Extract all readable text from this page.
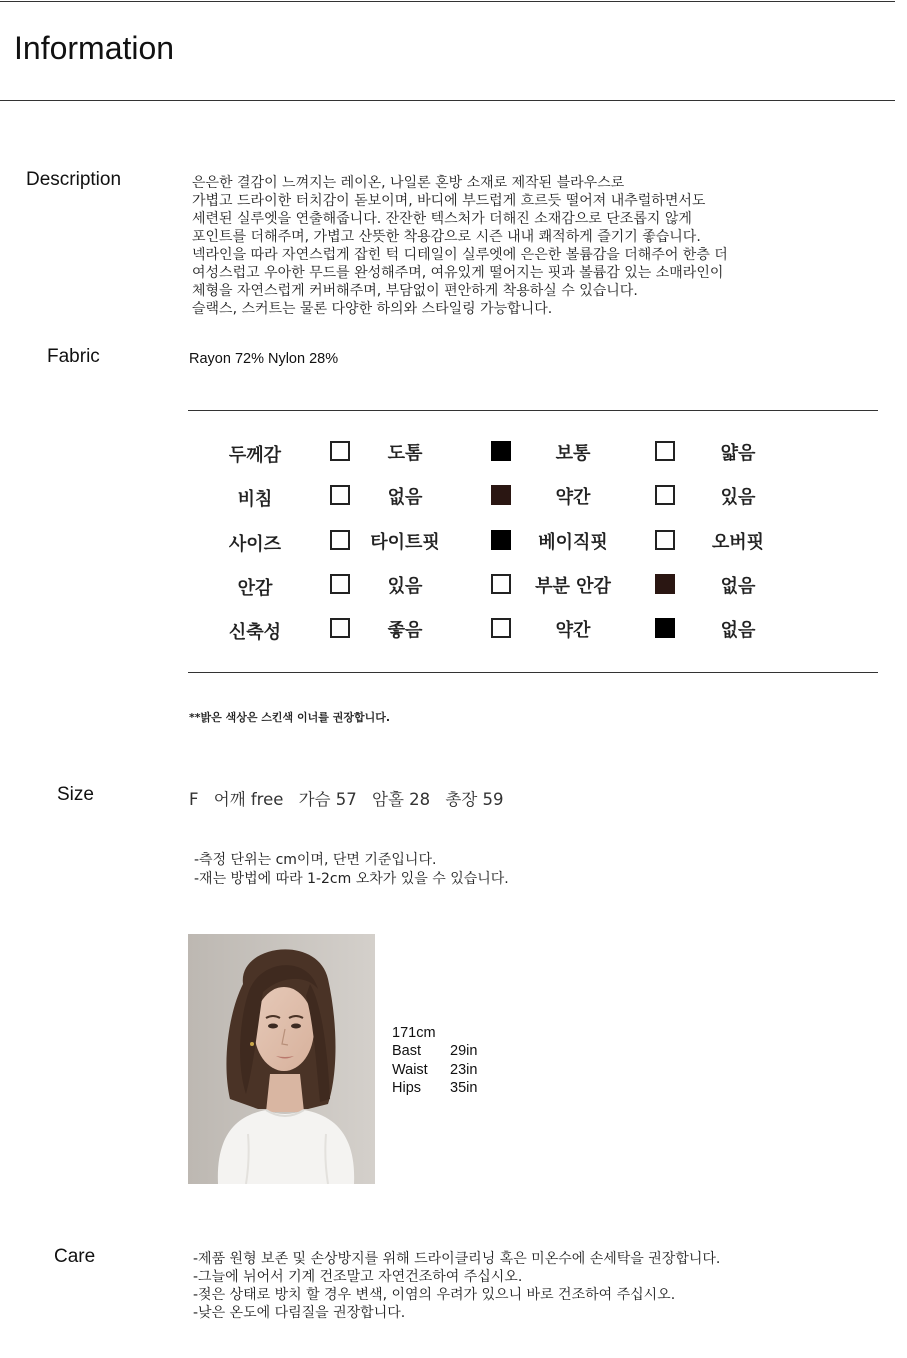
Information
Description	은은한 결감이 느껴지는 레이온, 나일론 혼방 소재로 제작된 블라우스로
가볍고 드라이한 터치감이 돋보이며, 바디에 부드럽게 흐르듯 떨어져 내추럴하면서도
세련된 실루엣을 연출해줍니다. 잔잔한 텍스처가 더해진 소재감으로 단조롭지 않게
포인트를 더해주며, 가볍고 산뜻한 착용감으로 시즌 내내 쾌적하게 즐기기 좋습니다.
넥라인을 따라 자연스럽게 잡힌 턱 디테일이 실루엣에 은은한 볼륨감을 더해주어 한층 더
여성스럽고 우아한 무드를 완성해주며, 여유있게 떨어지는 핏과 볼륨감 있는 소매라인이
체형을 자연스럽게 커버해주며, 부담없이 편안하게 착용하실 수 있습니다.
슬랙스, 스커트는 물론 다양한 하의와 스타일링 가능합니다.
Fabric	Rayon 72% Nylon 28%
두께감	도톰	보통	얇음
비침	없음	약간	있음
사이즈	타이트핏	베이직핏	오버핏
안감	있음	부분 안감	없음
신축성	좋음	약간	없음
**밝은 색상은 스킨색 이너를 권장합니다.
Size	F 어깨 free 가슴 57 암홀 28 총장 59
-측정 단위는 cm이며, 단면 기준입니다.
-재는 방법에 따라 1-2cm 오차가 있을 수 있습니다.
171cm
Bast 29in
Waist 23in
Hips 35in
Care	-제품 원형 보존 및 손상방지를 위해 드라이클리닝 혹은 미온수에 손세탁을 권장합니다.
-그늘에 뉘어서 기계 건조말고 자연건조하여 주십시오.
-젖은 상태로 방치 할 경우 변색, 이염의 우려가 있으니 바로 건조하여 주십시오.
-낮은 온도에 다림질을 권장합니다.
